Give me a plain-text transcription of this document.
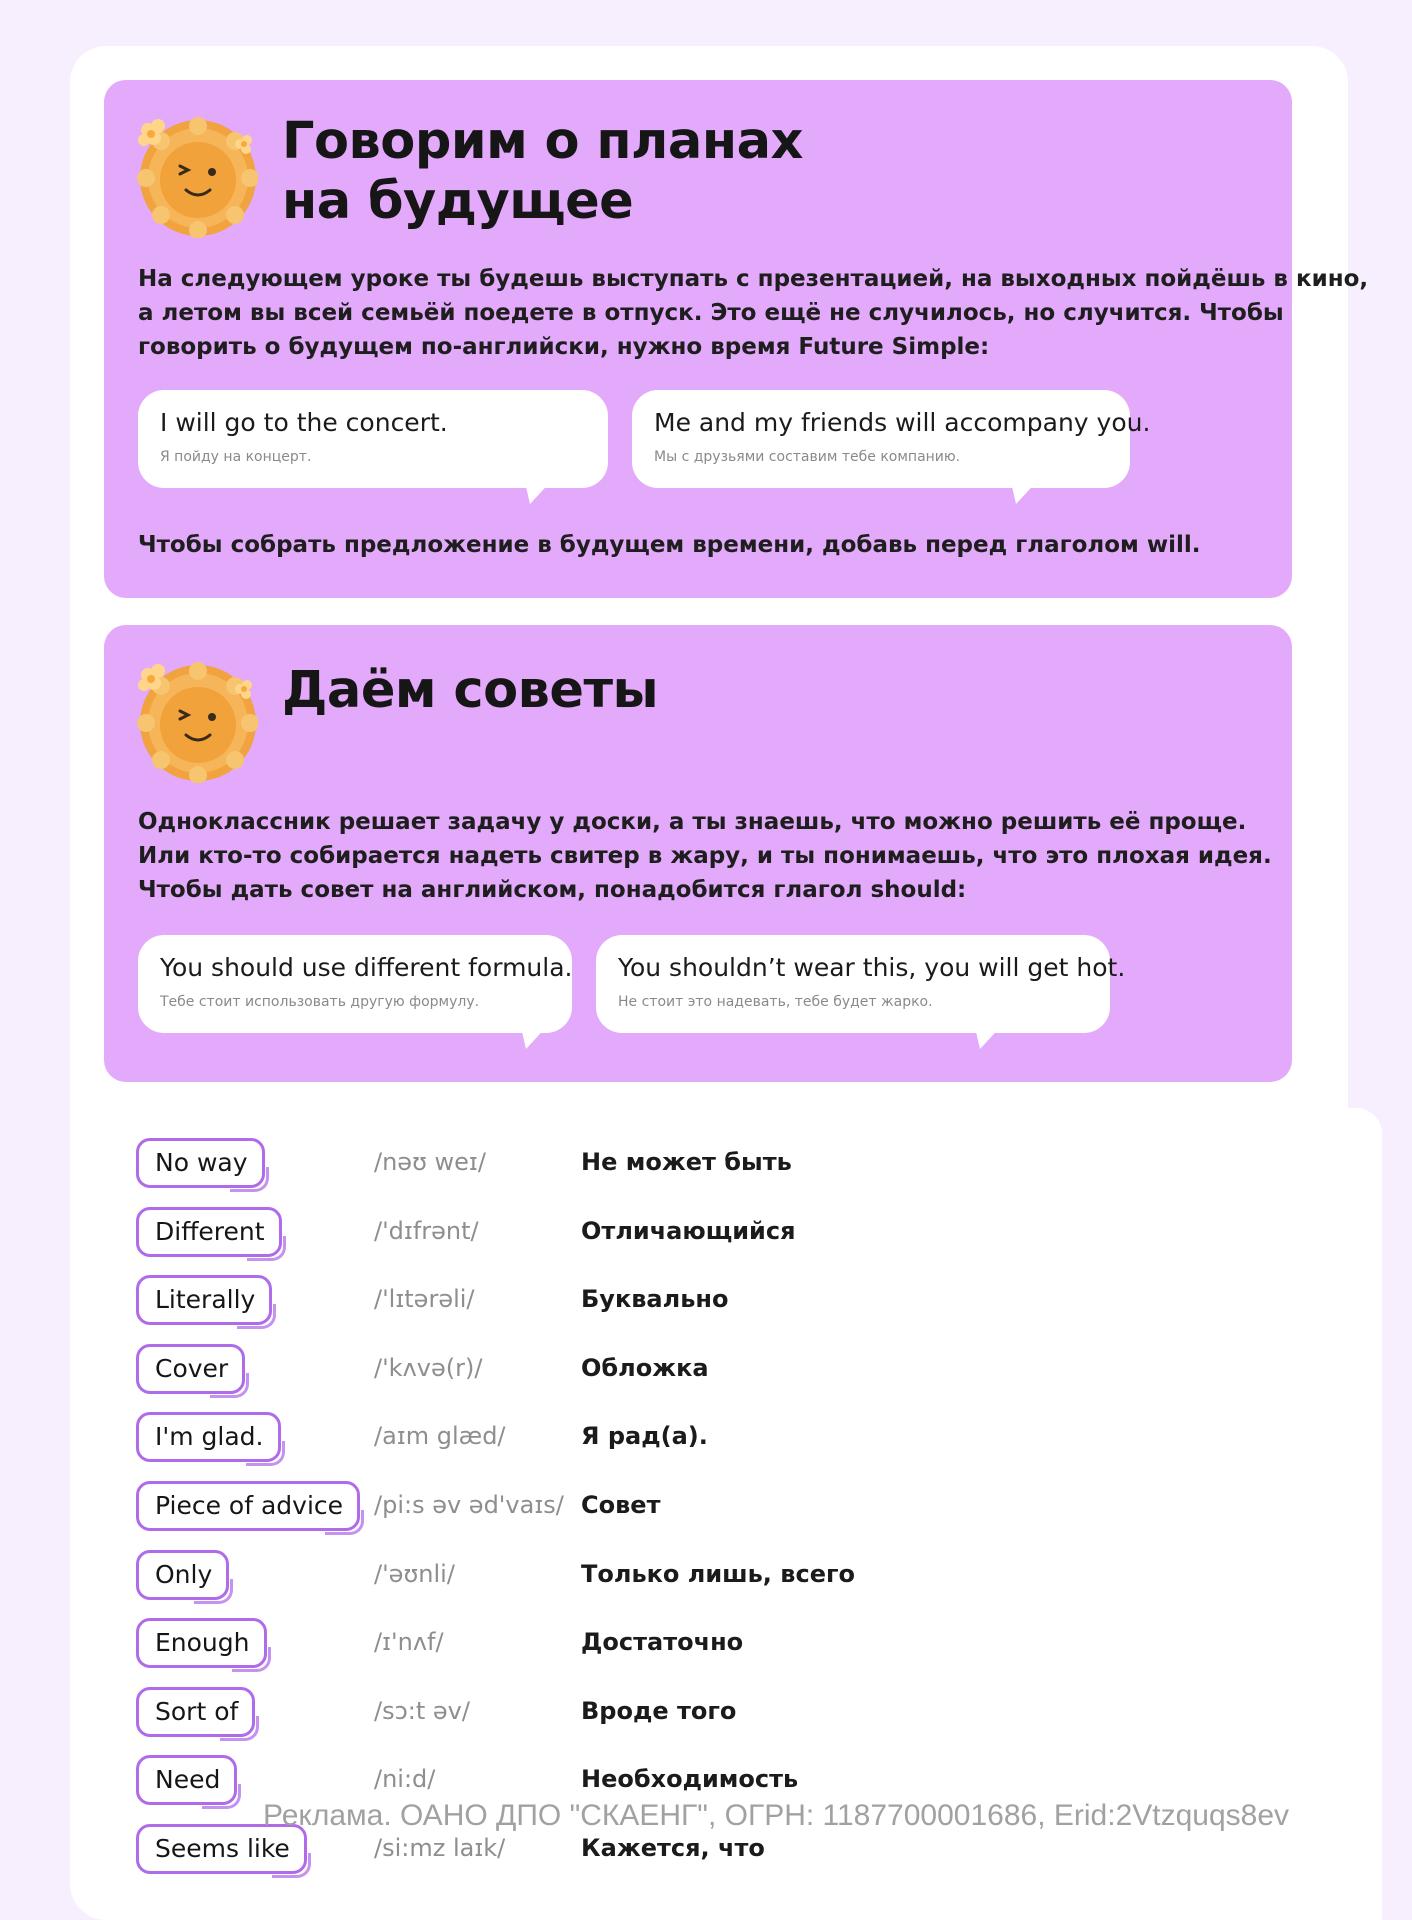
Говорим о планах
на будущее

На следующем уроке ты будешь выступать с презентацией, на выходных пойдёшь в кино,
а летом вы всей семьёй поедете в отпуск. Это ещё не случилось, но случится. Чтобы
говорить о будущем по-английски, нужно время Future Simple:

I will go to the concert.
Я пойду на концерт.
Me and my friends will accompany you.
Мы с друзьями составим тебе компанию.

Чтобы собрать предложение в будущем времени, добавь перед глаголом will.

Даём советы

Одноклассник решает задачу у доски, а ты знаешь, что можно решить её проще.
Или кто-то собирается надеть свитер в жару, и ты понимаешь, что это плохая идея.
Чтобы дать совет на английском, понадобится глагол should:

You should use different formula.
Тебе стоит использовать другую формулу.
You shouldn’t wear this, you will get hot.
Не стоит это надевать, тебе будет жарко.
No way	/nəʊ weɪ/	Не может быть
Different	/'dɪfrənt/	Отличающийся
Literally	/'lɪtərəli/	Буквально
Cover	/'kʌvə(r)/	Обложка
I'm glad.	/aɪm glæd/	Я рад(а).
Piece of advice	/pi:s əv əd'vaɪs/ Совет
Only	/'əʊnli/	Только лишь, всего
Enough	/ɪ'nʌf/	Достаточно
Sort of	/sɔ:t əv/	Вроде того
Need	/ni:d/	Необходимость
Seems like	/si:mz laɪk/	Кажется, что
Реклама. ОАНО ДПО "СКАЕНГ", ОГРН: 1187700001686, Erid:2Vtzquqs8ev
